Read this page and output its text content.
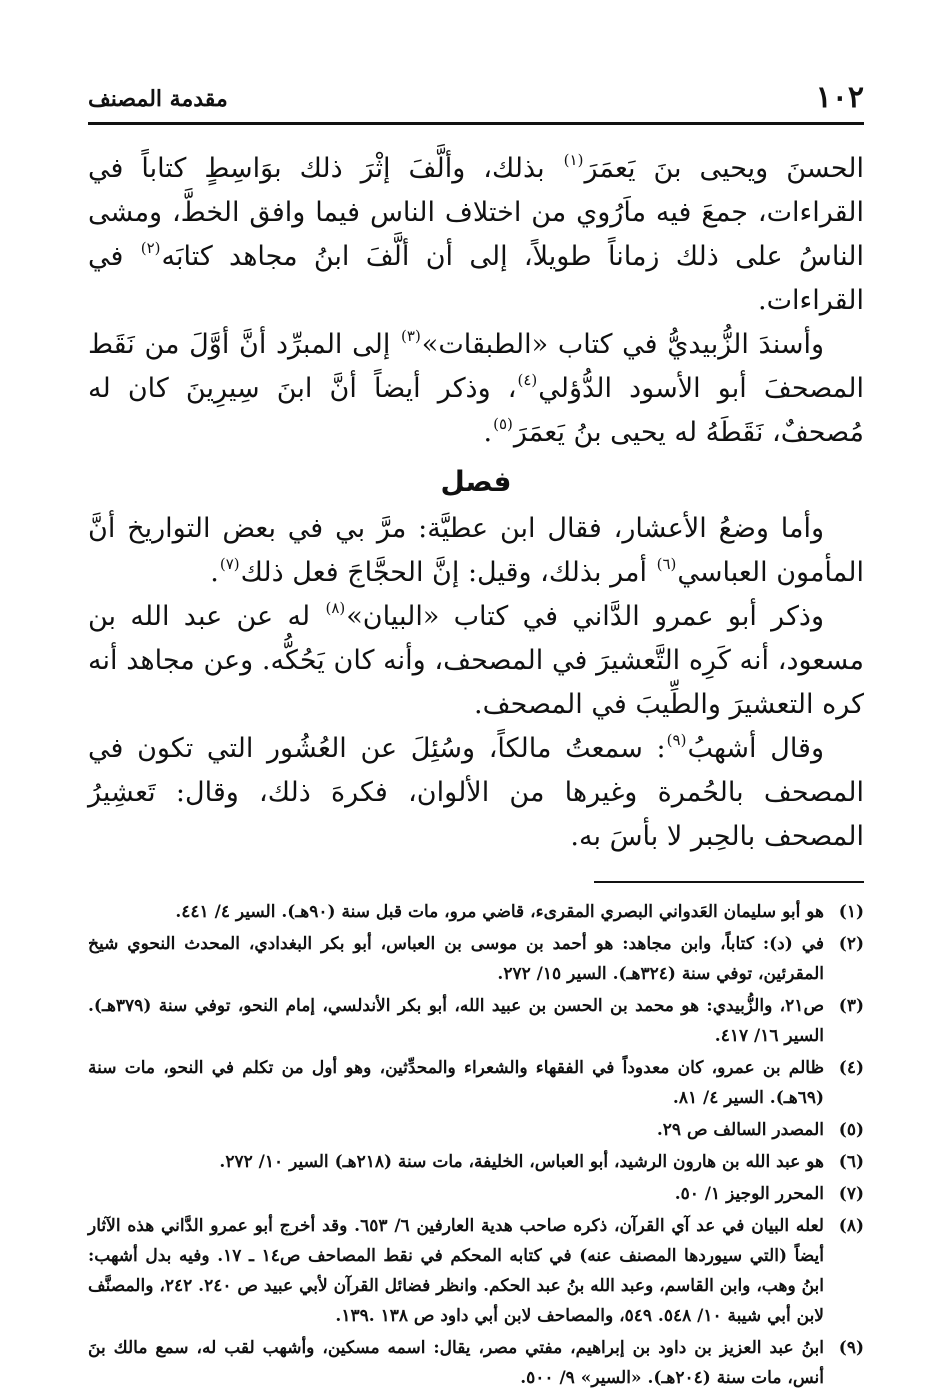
١٠٢
مقدمة المصنف

الحسنَ ويحيى بنَ يَعمَرَ$^{(١)}$ بذلك، وألَّفَ إثْرَ ذلك بوَاسِطٍ كتاباً في القراءات، جمعَ فيه ماَرُوي من اختلاف الناس فيما وافق الخطَّ، ومشى الناسُ على ذلك زماناً طويلاً، إلى أن ألَّفَ ابنُ مجاهد كتابَه$^{(٢)}$ في القراءات.

وأسندَ الزُّبيديُّ في كتاب «الطبقات»$^{(٣)}$ إلى المبرِّد أنَّ أوَّلَ من نَقَط المصحفَ أبو الأسود الدُّؤلي$^{(٤)}$، وذكر أيضاً أنَّ ابنَ سِيرِينَ كان له مُصحفٌ، نَقَطَهُ له يحيى بنُ يَعمَرَ$^{(٥)}$.

فصل

وأما وضعُ الأعشار، فقال ابن عطيَّة: مرَّ بي في بعض التواريخ أنَّ المأمون العباسي$^{(٦)}$ أمر بذلك، وقيل: إنَّ الحجَّاجَ فعل ذلك$^{(٧)}$.

وذكر أبو عمرو الدَّاني في كتاب «البيان»$^{(٨)}$ له عن عبد الله بن مسعود، أنه كَرِه التَّعشيرَ في المصحف، وأنه كان يَحُكُّه. وعن مجاهد أنه كره التعشيرَ والطِّيبَ في المصحف.

وقال أشهبُ$^{(٩)}$: سمعتُ مالكاً، وسُئِلَ عن العُشُور التي تكون في المصحف بالحُمرة وغيرها من الألوان، فكرهَ ذلك، وقال: تَعشِيرُ المصحف بالحِبر لا بأسَ به.

(١)
هو أبو سليمان العَدواني البصري المقرىء، قاضي مرو، مات قبل سنة (٩٠هـ). السير ٤/ ٤٤١.
(٢)
في (د): كتاباً، وابن مجاهد: هو أحمد بن موسى بن العباس، أبو بكر البغدادي، المحدث النحوي شيخ المقرئين، توفي سنة (٣٢٤هـ). السير ١٥/ ٢٧٢.
(٣)
ص٢١، والزُّبيدي: هو محمد بن الحسن بن عبيد الله، أبو بكر الأندلسي، إمام النحو، توفي سنة (٣٧٩هـ). السير ١٦/ ٤١٧.
(٤)
ظالم بن عمرو، كان معدوداً في الفقهاء والشعراء والمحدِّثين، وهو أول من تكلم في النحو، مات سنة (٦٩هـ). السير ٤/ ٨١.
(٥)
المصدر السالف ص ٢٩.
(٦)
هو عبد الله بن هارون الرشيد، أبو العباس، الخليفة، مات سنة (٢١٨هـ) السير ١٠/ ٢٧٢.
(٧)
المحرر الوجيز ١/ ٥٠.
(٨)
لعله البيان في عد آي القرآن، ذكره صاحب هدية العارفين ٦/ ٦٥٣. وقد أخرج أبو عمرو الدَّاني هذه الآثار أيضاً (التي سيوردها المصنف عنه) في كتابه المحكم في نقط المصاحف ص١٤ ـ ١٧. وفيه بدل أشهب: ابنُ وهب، وابن القاسم، وعبد الله بنُ عبد الحكم. وانظر فضائل القرآن لأبي عبيد ص ٢٤٠. ٢٤٢، والمصنَّف لابن أبي شيبة ١٠/ ٥٤٨. ٥٤٩، والمصاحف لابن أبي داود ص ١٣٨ .١٣٩.
(٩)
ابنُ عبد العزيز بن داود بن إبراهيم، مفتي مصر، يقال: اسمه مسكين، وأشهب لقب له، سمع مالك بنَ أنس، مات سنة (٢٠٤هـ). «السير» ٩/ ٥٠٠.
